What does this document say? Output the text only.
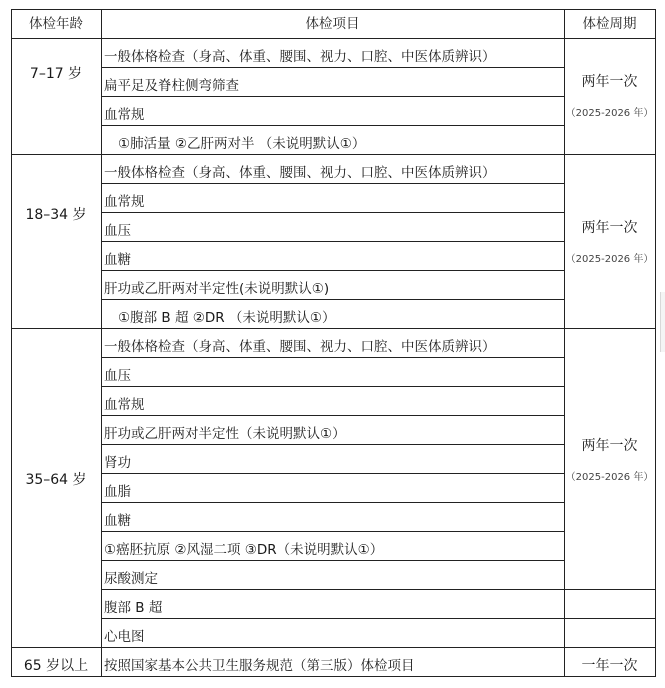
体检年龄	体检项目	体检周期
7–17 岁
一般体格检查（身高、体重、腰围、视力、口腔、中医体质辨识）
扁平足及脊柱侧弯筛查
血常规
①肺活量 ②乙肝两对半 （未说明默认①）
两年一次
（2025-2026 年）
18–34 岁
一般体格检查（身高、体重、腰围、视力、口腔、中医体质辨识）
血常规
血压
血糖
肝功或乙肝两对半定性(未说明默认①)
①腹部 B 超 ②DR （未说明默认①）
两年一次
（2025-2026 年）
35–64 岁
一般体格检查（身高、体重、腰围、视力、口腔、中医体质辨识）
血压
血常规
肝功或乙肝两对半定性（未说明默认①）
肾功
血脂
血糖
①癌胚抗原 ②风湿二项 ③DR（未说明默认①）
尿酸测定
腹部 B 超
心电图
两年一次
（2025-2026 年）
65 岁以上	按照国家基本公共卫生服务规范（第三版）体检项目	一年一次
